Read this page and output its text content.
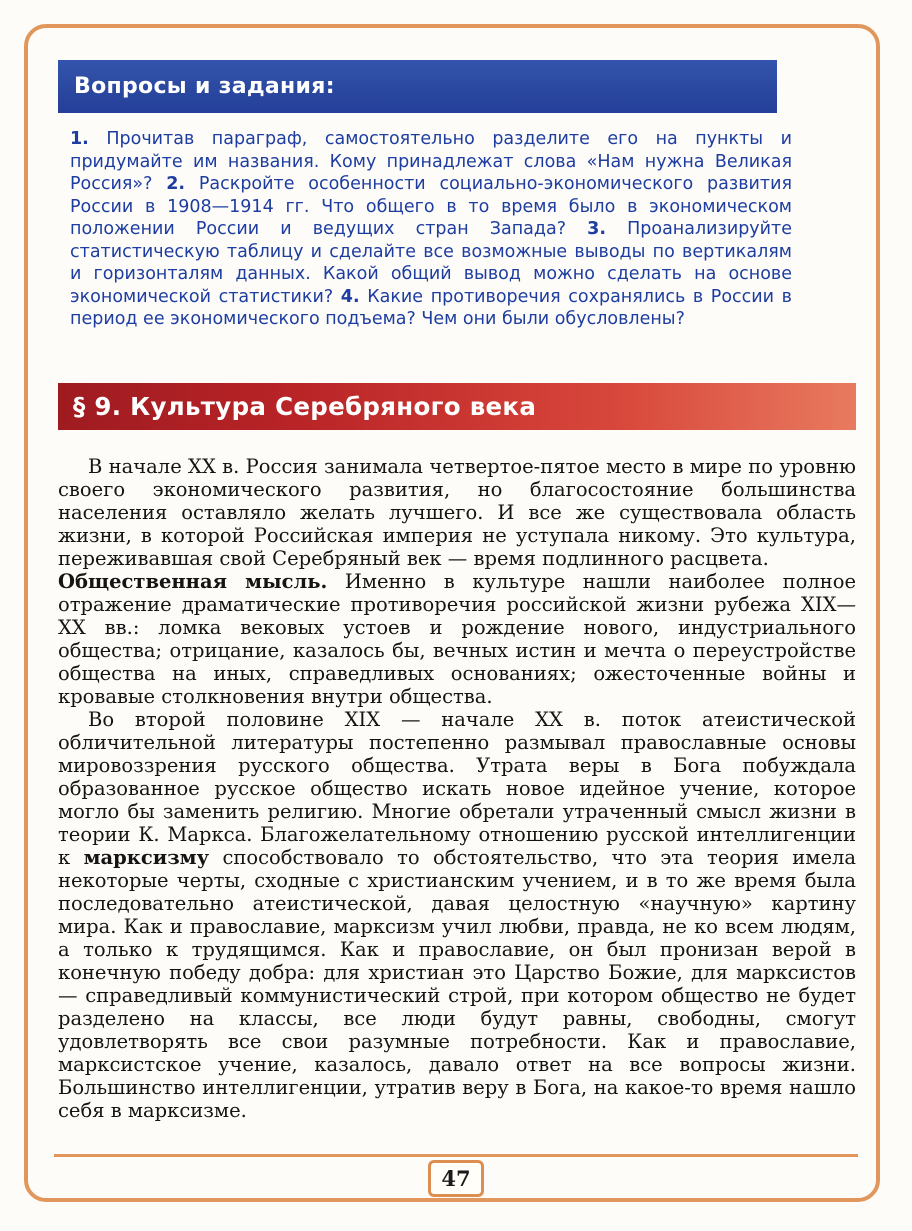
Вопросы и задания:

1. Прочитав параграф, самостоятельно разделите его на пункты и придумайте им названия. Кому принадлежат слова «Нам нужна Великая Россия»? 2. Раскройте особенности социально-экономического развития России в 1908—1914 гг. Что общего в то время было в экономическом положении России и ведущих стран Запада? 3. Проанализируйте статистическую таблицу и сделайте все возможные выводы по вертикалям и горизонталям данных. Какой общий вывод можно сделать на основе экономической статистики? 4. Какие противоречия сохранялись в России в период ее экономического подъема? Чем они были обусловлены?

§ 9. Культура Серебряного века

В начале XX в. Россия занимала четвертое-пятое место в мире по уровню своего экономического развития, но благосостояние большинства населения оставляло желать лучшего. И все же существовала область жизни, в которой Российская империя не уступала никому. Это культура, переживавшая свой Серебряный век — время подлинного расцвета.

Общественная мысль. Именно в культуре нашли наиболее полное отражение драматические противоречия российской жизни рубежа XIX—XX вв.: ломка вековых устоев и рождение нового, индустриального общества; отрицание, казалось бы, вечных истин и мечта о переустройстве общества на иных, справедливых основаниях; ожесточенные войны и кровавые столкновения внутри общества.

Во второй половине XIX — начале XX в. поток атеистической обличительной литературы постепенно размывал православные основы мировоззрения русского общества. Утрата веры в Бога побуждала образованное русское общество искать новое идейное учение, которое могло бы заменить религию. Многие обретали утраченный смысл жизни в теории К. Маркса. Благожелательному отношению русской интеллигенции к марксизму способствовало то обстоятельство, что эта теория имела некоторые черты, сходные с христианским учением, и в то же время была последовательно атеистической, давая целостную «научную» картину мира. Как и православие, марксизм учил любви, правда, не ко всем людям, а только к трудящимся. Как и православие, он был пронизан верой в конечную победу добра: для христиан это Царство Божие, для марксистов — справедливый коммунистический строй, при котором общество не будет разделено на классы, все люди будут равны, свободны, смогут удовлетворять все свои разумные потребности. Как и православие, марксистское учение, казалось, давало ответ на все вопросы жизни. Большинство интеллигенции, утратив веру в Бога, на какое-то время нашло себя в марксизме.

47
